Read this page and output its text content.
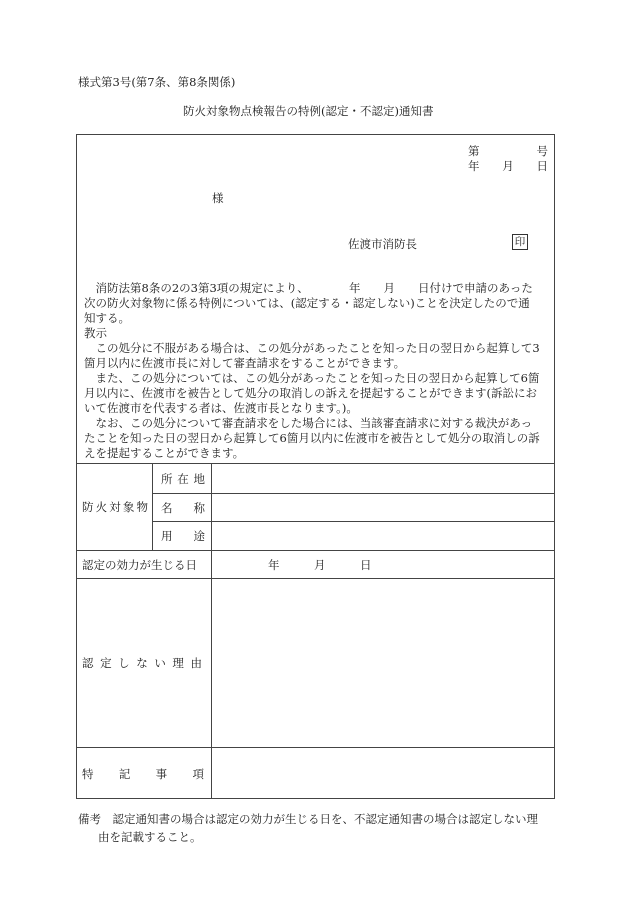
様式第3号(第7条、第8条関係)
防火対象物点検報告の特例(認定・不認定)通知書
第	号
年 月 日
様
佐渡市消防長	印

　消防法第8条の2の3第3項の規定により、　　　　年　　月　　日付けで申請のあった

次の防火対象物に係る特例については、(認定する・認定しない)ことを決定したので通

知する。

教示

　この処分に不服がある場合は、この処分があったことを知った日の翌日から起算して3

箇月以内に佐渡市長に対して審査請求をすることができます。

　また、この処分については、この処分があったことを知った日の翌日から起算して6箇

月以内に、佐渡市を被告として処分の取消しの訴えを提起することができます(訴訟にお

いて佐渡市を代表する者は、佐渡市長となります。)。

　なお、この処分について審査請求をした場合には、当該審査請求に対する裁決があっ

たことを知った日の翌日から起算して6箇月以内に佐渡市を被告として処分の取消しの訴

えを提起することができます。

防 火 対 象 物
所 在 地
名 称
用 途
認定の効力が生じる日	年　　　月　　　日
認 定 し な い 理 由
特 記 事 項
備考　認定通知書の場合は認定の効力が生じる日を、不認定通知書の場合は認定しない理
由を記載すること。
